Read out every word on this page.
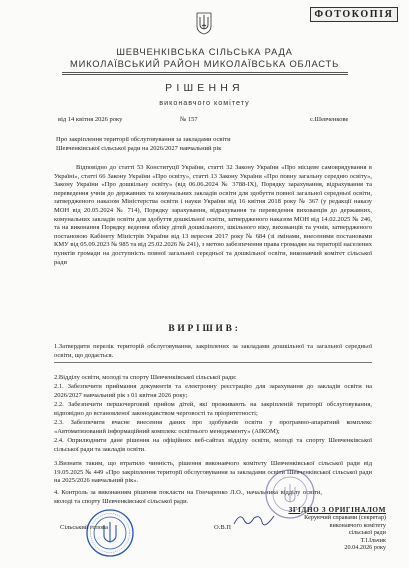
ФОТОКОПІЯ
ШЕВЧЕНКІВСЬКА СІЛЬСЬКА РАДА
МИКОЛАЇВСЬКИЙ РАЙОН МИКОЛАЇВСЬКА ОБЛАСТЬ
РІШЕННЯ
виконавчого комітету
від 14 квітня 2026 року	№ 157	с.Шевченкове
Про закріплення території обслуговування за закладами освіти Шевченківської сільської ради на 2026/2027 навчальний рік
Відповідно до статті 53 Конституції України, статті 32 Закону України «Про місцеве самоврядування в Україні», статті 66 Закону України «Про освіту», статті 13 Закону України «Про повну загальну середню освіту», Закону України «Про дошкільну освіту» (від 06.06.2024 № 3788-IX), Порядку зарахування, відрахування та переведення учнів до державних та комунальних закладів освіти для здобуття повної загальної середньої освіти, затвердженого наказом Міністерства освіти і науки України від 16 квітня 2018 року № 367 (у редакції наказу МОН від 20.05.2024 № 714), Порядку зарахування, відрахування та переведення вихованців до державних, комунальних закладів освіти для здобуття дошкільної освіти, затвердженого наказом МОН від 14.02.2025 № 246, та на виконання Порядку ведення обліку дітей дошкільного, шкільного віку, вихованців та учнів, затвердженого постановою Кабінету Міністрів України від 13 вересня 2017 року № 684 (зі змінами, внесеними постановами КМУ від 05.09.2023 № 985 та від 25.02.2026 № 241), з метою забезпечення права громадян на території населених пунктів громади на доступність повної загальної середньої та дошкільної освіти, виконавчий комітет сільської ради
ВИРІШИВ:
1.Затвердити перелік територій обслуговування, закріплених за закладами дошкільної та загальної середньої освіти, що додається.
2.Відділу освіти, молоді та спорту Шевченківської сільської ради:
2.1. Забезпечити приймання документів та електронну реєстрацію для зарахування до закладів освіти на 2026/2027 навчальний рік з 01 квітня 2026 року;
2.2. Забезпечити першочерговий прийом дітей, які проживають на закріпленій території обслуговування, відповідно до встановленої законодавством черговості та пріоритетності;
2.3. Забезпечити вчасне внесення даних про здобувачів освіти у програмно-апаратний комплекс «Автоматизований інформаційний комплекс освітнього менеджменту» (АІКОМ);
2.4. Оприлюднити дане рішення на офіційних веб-сайтах відділу освіти, молоді та спорту Шевченківської сільської ради та закладів освіти.
3.Визнати таким, що втратило чинність, рішення виконавчого комітету Шевченківської сільської ради від 19.05.2025 № 449 «Про закріплення території обслуговування за закладами освіти Шевченківської сільської ради на 2025/2026 навчальний рік».
4. Контроль за виконанням рішення покласти на Гончаренко Л.О., начальника відділу освіти, молоді та спорту Шевченківської сільської ради.
Сільський голова	О.В.П
ЗГІДНО З ОРИГІНАЛОМ
Керуючий справами (секретар)
виконавчого комітету
сільської ради
Т.І.Ільчик
20.04.2026 року
